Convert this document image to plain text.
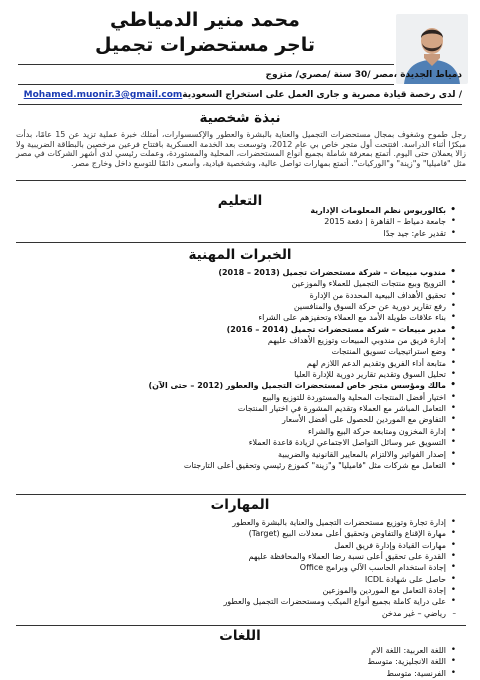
محمد منير الدمياطي

تاجر مستحضرات تجميل

دمياط الجديدة ،مصر /30 سنة /مصري/ متزوج
/ لدى رخصة قيادة مصرية و جارى العمل على استخراج السعوديةMohamed.muonir.3@gmail.com
نبذة شخصية
رجل طموح وشغوف بمجال مستحضرات التجميل والعناية بالبشرة والعطور والإكسسوارات، أمتلك خبرة عملية تزيد عن 15 عامًا، بدأت مبكرًا أثناء الدراسة. افتتحت أول متجر خاص بي عام 2012، وتوسعت بعد الخدمة العسكرية بافتتاح فرعين مرخصين بالبطاقة الضريبية ولا زالا يعملان حتى اليوم. أتمتع بمعرفة شاملة بجميع أنواع المستحضرات، المحلية والمستوردة، وعملت رئيسي لدى أشهر الشركات في مصر مثل "فاميليا" و"زينة" و"الوركيات". أتمتع بمهارات تواصل عالية، وشخصية قيادية، وأسعى دائمًا للتوسع داخل وخارج مصر.
التعليم
• بكالوريوس نظم المعلومات الإدارية
• جامعة دمياط – القاهرة | دفعة 2015
• تقدير عام: جيد جدًا
الخبرات المهنية
• مندوب مبيعات – شركة مستحضرات تجميل (2013 – 2018)
• الترويج وبيع منتجات التجميل للعملاء والموزعين
• تحقيق الأهداف البيعية المحددة من الإدارة
• رفع تقارير دورية عن حركة السوق والمنافسين
• بناء علاقات طويلة الأمد مع العملاء وتحفيزهم على الشراء
• مدير مبيعات – شركة مستحضرات تجميل (2014 – 2016)
• إدارة فريق من مندوبي المبيعات وتوزيع الأهداف عليهم
• وضع استراتيجيات تسويق المنتجات
• متابعة أداء الفريق وتقديم الدعم اللازم لهم
• تحليل السوق وتقديم تقارير دورية للإدارة العليا
• مالك ومؤسس متجر خاص لمستحضرات التجميل والعطور (2012 – حتى الآن)
• اختيار أفضل المنتجات المحلية والمستوردة للتوزيع والبيع
• التعامل المباشر مع العملاء وتقديم المشورة في اختيار المنتجات
• التفاوض مع الموردين للحصول على أفضل الأسعار
• إدارة المخزون ومتابعة حركة البيع والشراء
• التسويق عبر وسائل التواصل الاجتماعي لزيادة قاعدة العملاء
• إصدار الفواتير والالتزام بالمعايير القانونية والضريبية
• التعامل مع شركات مثل "فاميليا" و"زينة" كموزع رئيسي وتحقيق أعلى التارجتات
المهارات
• إدارة تجارة وتوزيع مستحضرات التجميل والعناية بالبشرة والعطور
• مهارة الإقناع والتفاوض وتحقيق أعلى معدلات البيع (Target)
• مهارات القيادة وإدارة فريق العمل
• القدرة على تحقيق أعلى نسبة رضا العملاء والمحافظة عليهم
• إجادة استخدام الحاسب الآلي وبرامج Office
• حاصل على شهادة ICDL
• إجادة التعامل مع الموردين والموزعين
• على دراية كاملة بجميع أنواع الميكب ومستحضرات التجميل والعطور
– رياضي – غير مدخن
اللغات
• اللغة العربية: اللغة الام
• اللغة الانجليزية: متوسط
• الفرنسية: متوسط
